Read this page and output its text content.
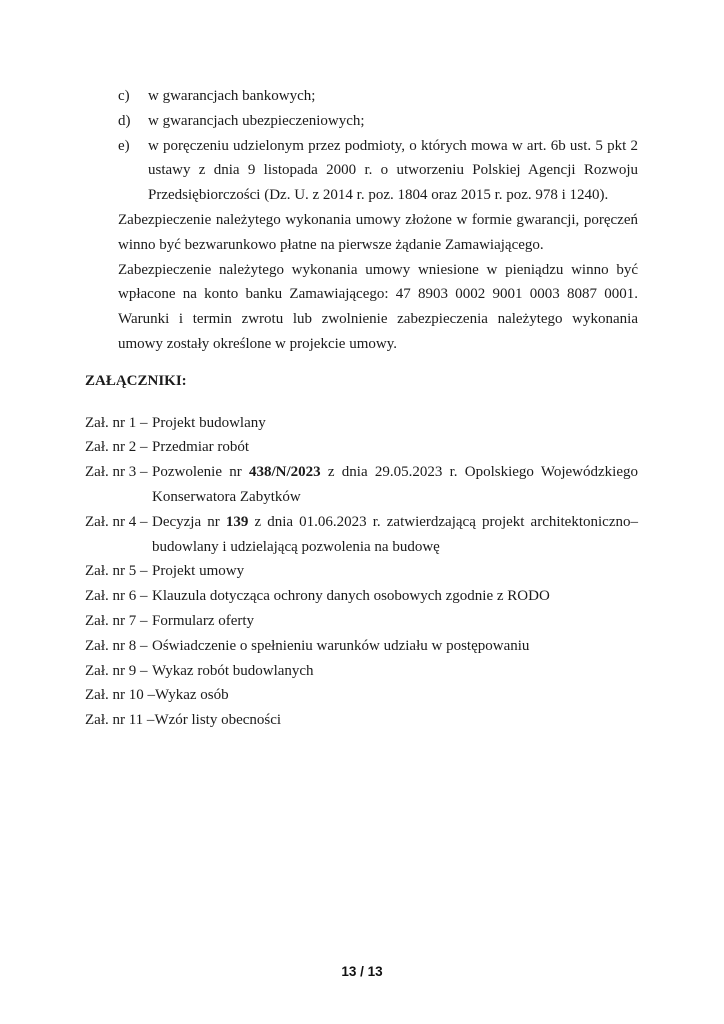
c)	w gwarancjach bankowych;
d)	w gwarancjach ubezpieczeniowych;
e)	w poręczeniu udzielonym przez podmioty, o których mowa w art. 6b ust. 5 pkt 2 ustawy z dnia 9 listopada 2000 r. o utworzeniu Polskiej Agencji Rozwoju Przedsiębiorczości (Dz. U. z 2014 r. poz. 1804 oraz 2015 r. poz. 978 i 1240).
Zabezpieczenie należytego wykonania umowy złożone w formie gwarancji, poręczeń winno być bezwarunkowo płatne na pierwsze żądanie Zamawiającego.
Zabezpieczenie należytego wykonania umowy wniesione w pieniądzu winno być wpłacone na konto banku Zamawiającego: 47 8903 0002 9001 0003 8087 0001. Warunki i termin zwrotu lub zwolnienie zabezpieczenia należytego wykonania umowy zostały określone w projekcie umowy.
ZAŁĄCZNIKI:
Zał. nr 1 – Projekt budowlany
Zał. nr 2 – Przedmiar robót
Zał. nr 3 – Pozwolenie nr 438/N/2023 z dnia 29.05.2023 r. Opolskiego Wojewódzkiego Konserwatora Zabytków
Zał. nr 4 – Decyzja nr 139 z dnia 01.06.2023 r. zatwierdzającą projekt architektoniczno– budowlany i udzielającą pozwolenia na budowę
Zał. nr 5 – Projekt umowy
Zał. nr 6 – Klauzula dotycząca ochrony danych osobowych zgodnie z RODO
Zał. nr 7 – Formularz oferty
Zał. nr 8 – Oświadczenie o spełnieniu warunków udziału w postępowaniu
Zał. nr 9 – Wykaz robót budowlanych
Zał. nr 10 – Wykaz osób
Zał. nr 11 – Wzór listy obecności
13 / 13
